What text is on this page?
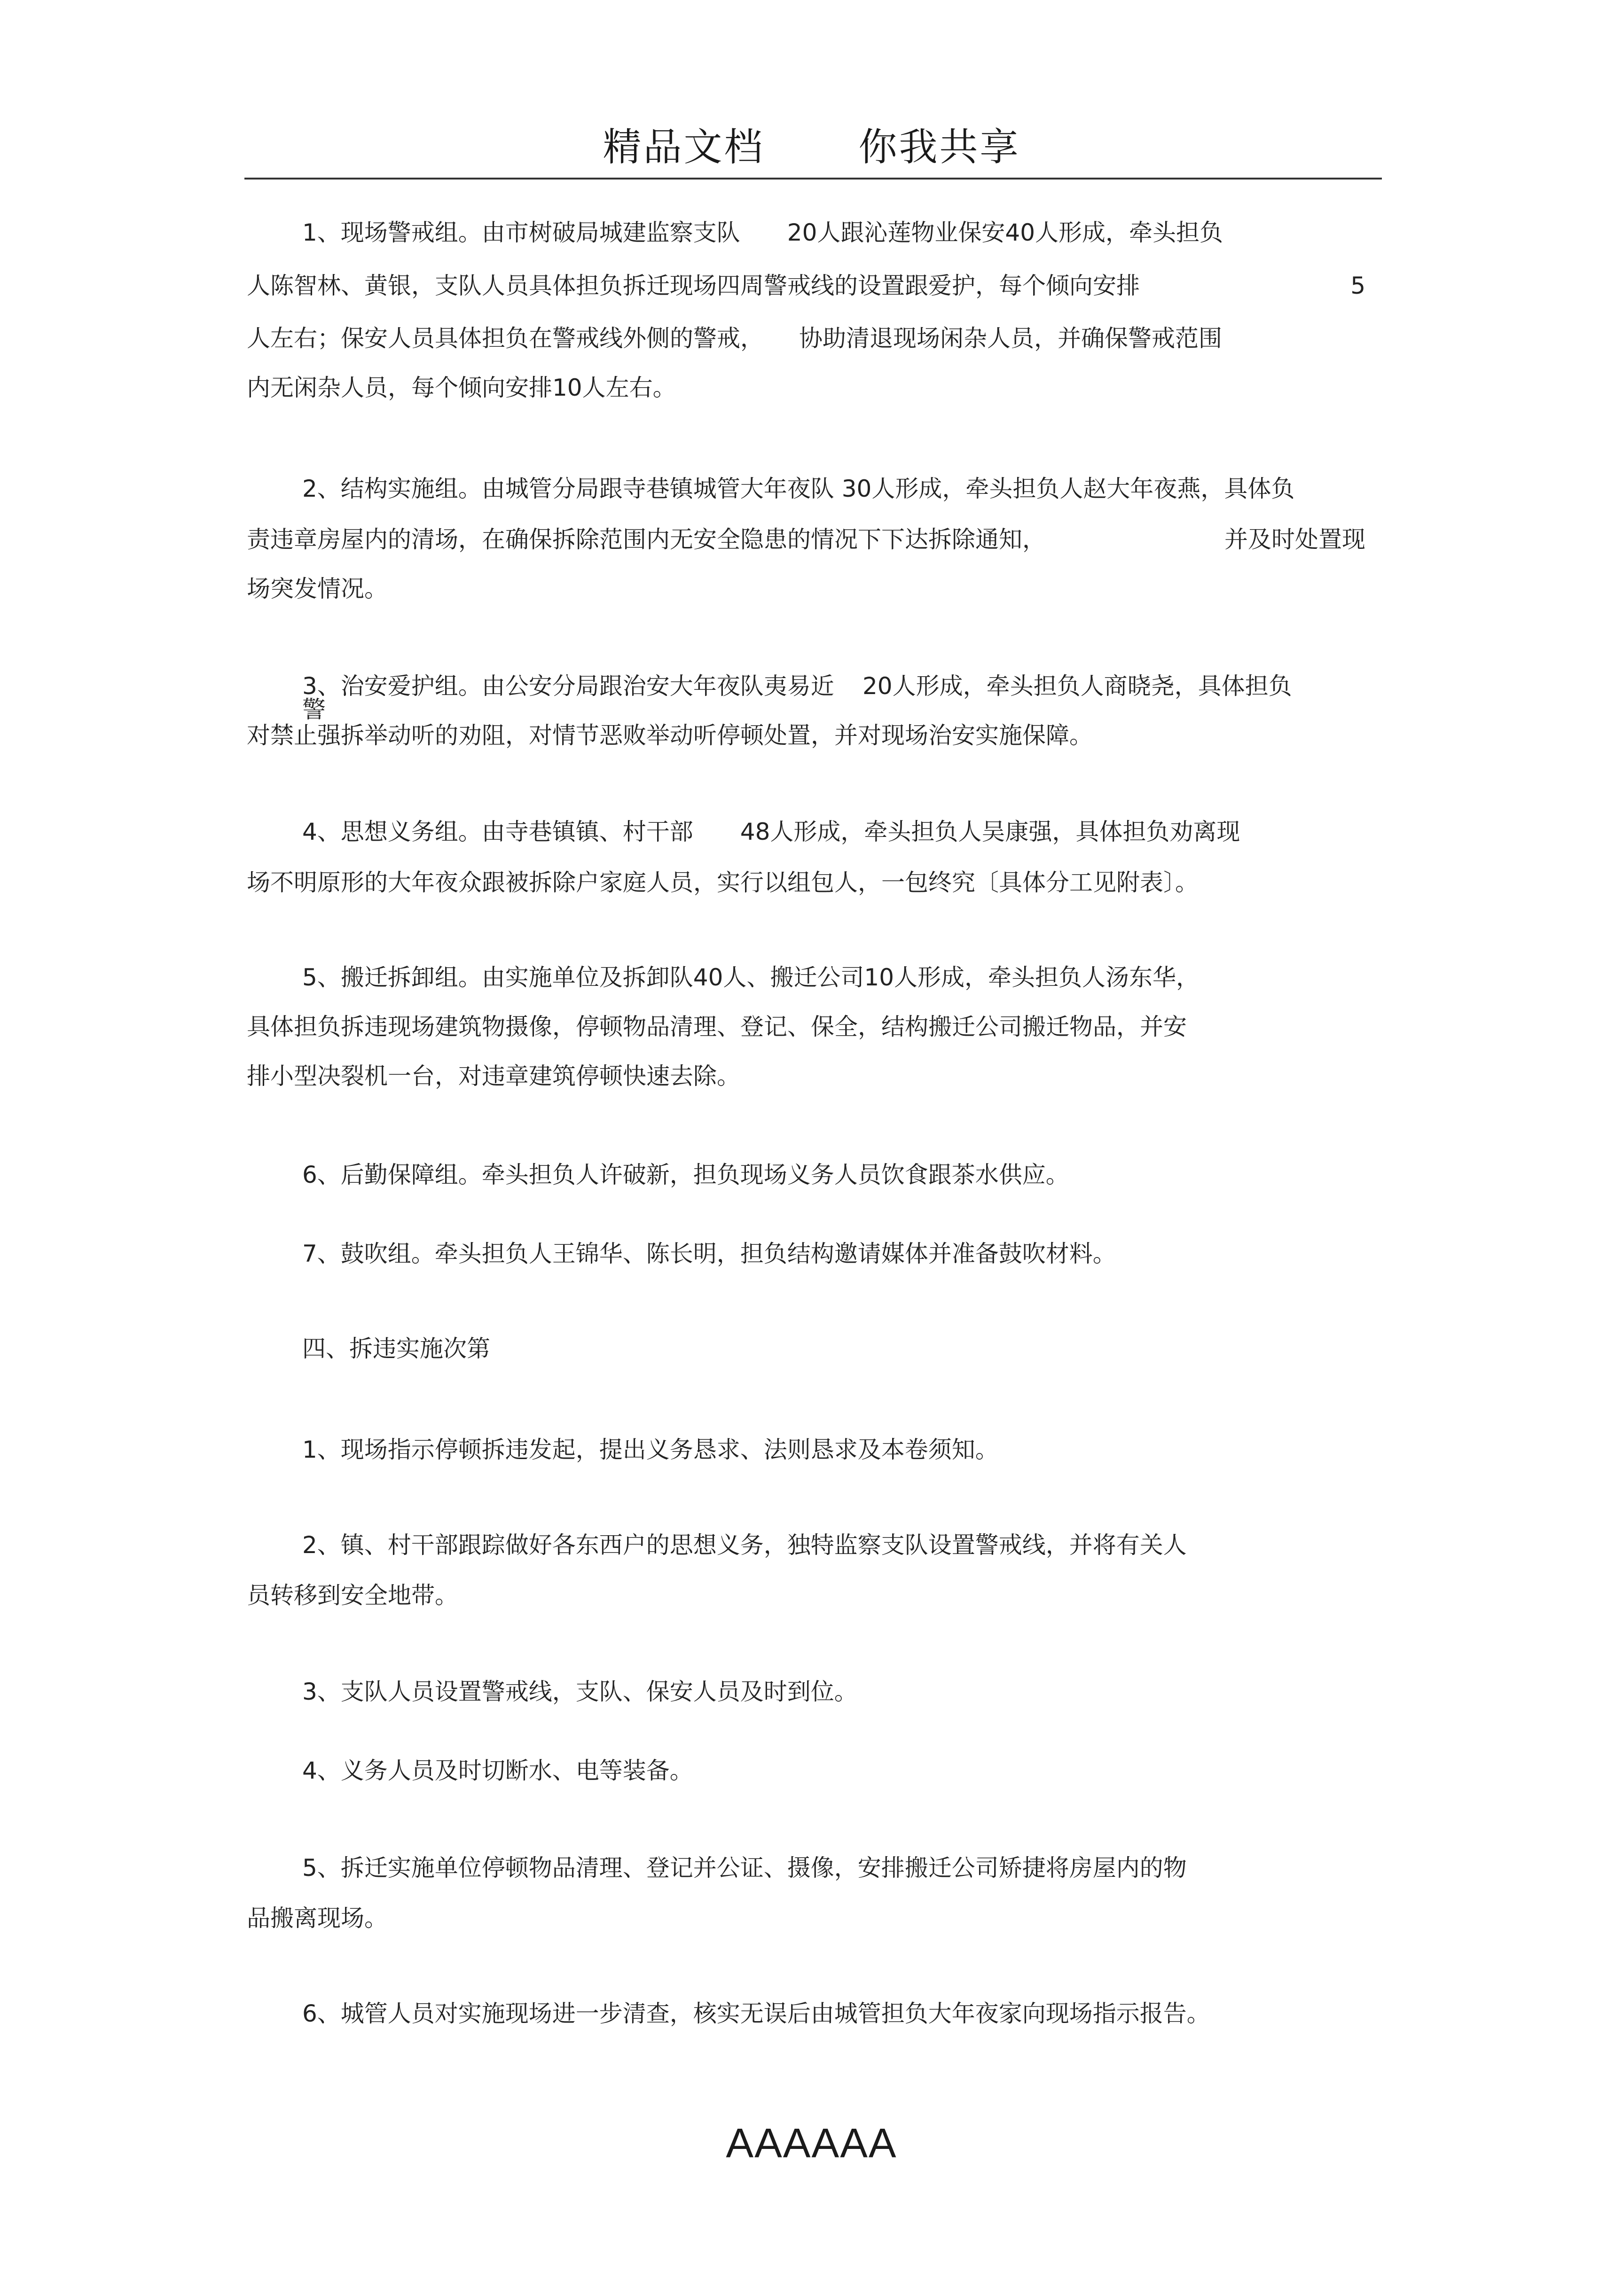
精品文档 你我共享
1、现场警戒组。由市树破局城建监察支队　　20人跟沁莲物业保安40人形成，牵头担负
人陈智林、黄银，支队人员具体担负拆迁现场四周警戒线的设置跟爱护，每个倾向安排	5
人左右；保安人员具体担负在警戒线外侧的警戒，　　协助清退现场闲杂人员，并确保警戒范围
内无闲杂人员，每个倾向安排10人左右。
2、结构实施组。由城管分局跟寺巷镇城管大年夜队 30人形成，牵头担负人赵大年夜燕，具体负
责违章房屋内的清场，在确保拆除范围内无安全隐患的情况下下达拆除通知，	并及时处置现
场突发情况。
3、治安爱护组。由公安分局跟治安大年夜队夷易近 20人形成，牵头担负人商晓尧，具体担负
警
对禁止强拆举动听的劝阻，对情节恶败举动听停顿处置，并对现场治安实施保障。
4、思想义务组。由寺巷镇镇、村干部　　48人形成，牵头担负人吴康强，具体担负劝离现
场不明原形的大年夜众跟被拆除户家庭人员，实行以组包人，一包终究〔具体分工见附表〕。
5、搬迁拆卸组。由实施单位及拆卸队40人、搬迁公司10人形成，牵头担负人汤东华，
具体担负拆违现场建筑物摄像，停顿物品清理、登记、保全，结构搬迁公司搬迁物品，并安
排小型决裂机一台，对违章建筑停顿快速去除。
6、后勤保障组。牵头担负人许破新，担负现场义务人员饮食跟茶水供应。
7、鼓吹组。牵头担负人王锦华、陈长明，担负结构邀请媒体并准备鼓吹材料。
四、拆违实施次第
1、现场指示停顿拆违发起，提出义务恳求、法则恳求及本卷须知。
2、镇、村干部跟踪做好各东西户的思想义务，独特监察支队设置警戒线，并将有关人
员转移到安全地带。
3、支队人员设置警戒线，支队、保安人员及时到位。
4、义务人员及时切断水、电等装备。
5、拆迁实施单位停顿物品清理、登记并公证、摄像，安排搬迁公司矫捷将房屋内的物
品搬离现场。
6、城管人员对实施现场进一步清查，核实无误后由城管担负大年夜家向现场指示报告。
AAAAAA
